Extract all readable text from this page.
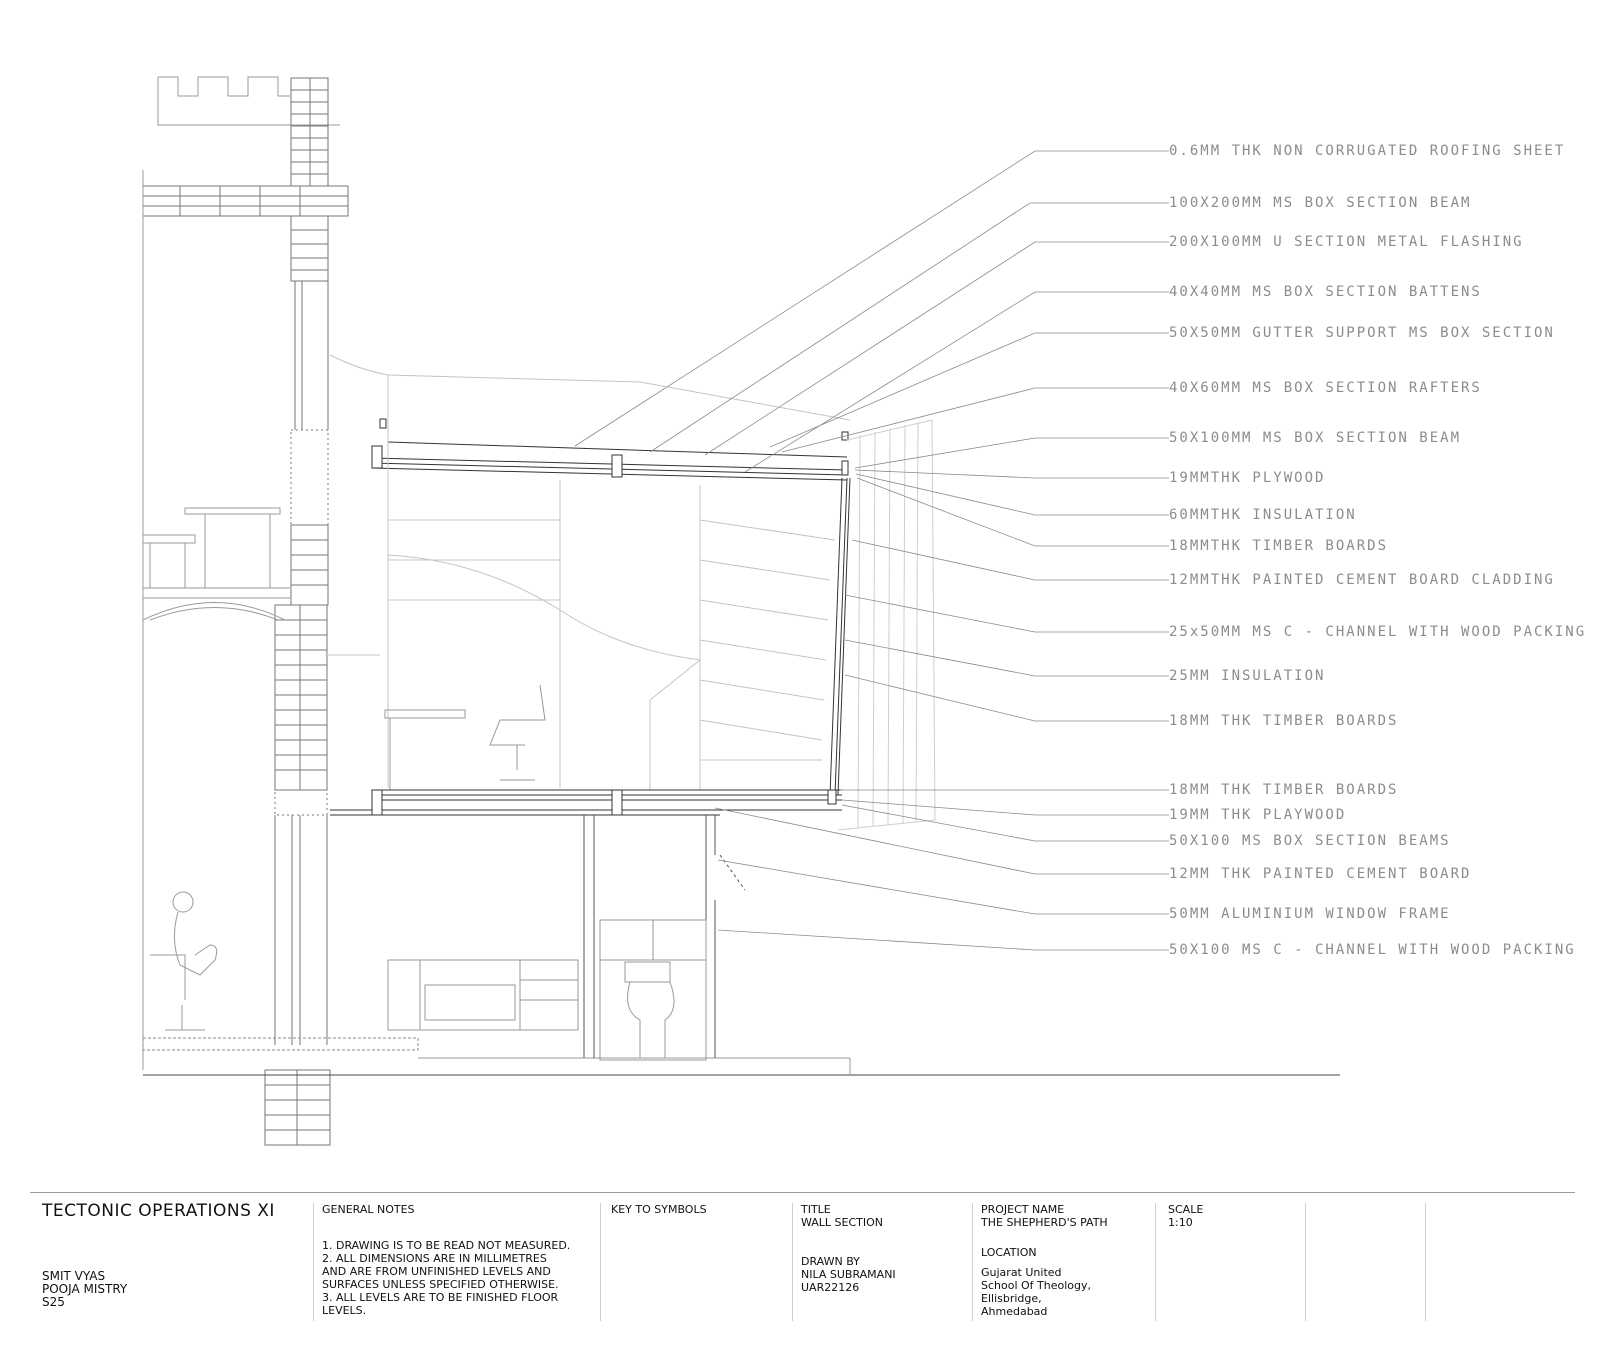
0.6MM THK NON CORRUGATED ROOFING SHEET
100X200MM MS BOX SECTION BEAM
200X100MM U SECTION METAL FLASHING
40X40MM MS BOX SECTION BATTENS
50X50MM GUTTER SUPPORT MS BOX SECTION
40X60MM MS BOX SECTION RAFTERS
50X100MM MS BOX SECTION BEAM
19MMTHK PLYWOOD
60MMTHK INSULATION
18MMTHK TIMBER BOARDS
12MMTHK PAINTED CEMENT BOARD CLADDING
25x50MM MS C - CHANNEL WITH WOOD PACKING
25MM INSULATION
18MM THK TIMBER BOARDS
18MM THK TIMBER BOARDS
19MM THK PLAYWOOD
50X100 MS BOX SECTION BEAMS
12MM THK PAINTED CEMENT BOARD
50MM ALUMINIUM WINDOW FRAME
50X100 MS C - CHANNEL WITH WOOD PACKING
TECTONIC OPERATIONS XI
SMIT VYAS
POOJA MISTRY
S25
GENERAL NOTES
1. DRAWING IS TO BE READ NOT MEASURED.
2. ALL DIMENSIONS ARE IN MILLIMETRES
AND ARE FROM UNFINISHED LEVELS AND
SURFACES UNLESS SPECIFIED OTHERWISE.
3. ALL LEVELS ARE TO BE FINISHED FLOOR
LEVELS.
KEY TO SYMBOLS	TITLE
WALL SECTION
DRAWN BY
NILA SUBRAMANI
UAR22126
PROJECT NAME
THE SHEPHERD'S PATH
LOCATION
Gujarat United
School Of Theology,
Ellisbridge,
Ahmedabad
SCALE
1:10
